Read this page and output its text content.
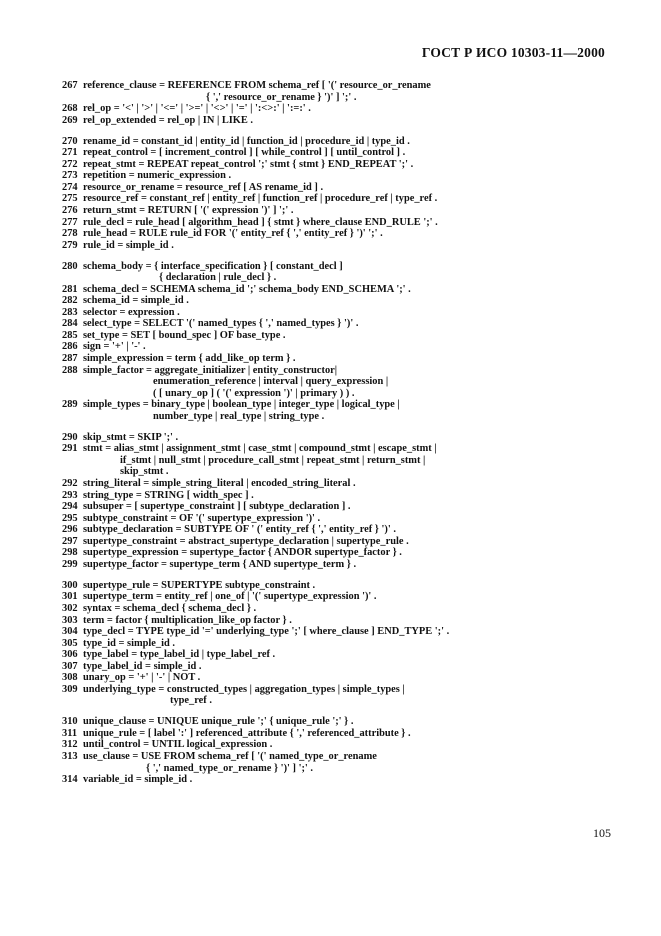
ГОСТ Р ИСО 10303-11—2000
267 reference_clause = REFERENCE FROM schema_ref [ '(' resource_or_rename
{ ',' resource_or_rename } ')' ] ';' .
268 rel_op = '<' | '>' | '<=' | '>=' | '<>' | '=' | ':<>:' | ':=:' .
269 rel_op_extended = rel_op | IN | LIKE .
270 rename_id = constant_id | entity_id | function_id | procedure_id | type_id .
271 repeat_control = [ increment_control ] [ while_control ] [ until_control ] .
272 repeat_stmt = REPEAT repeat_control ';' stmt { stmt } END_REPEAT ';' .
273 repetition = numeric_expression .
274 resource_or_rename = resource_ref [ AS rename_id ] .
275 resource_ref = constant_ref | entity_ref | function_ref | procedure_ref | type_ref .
276 return_stmt = RETURN [ '(' expression ')' ] ';' .
277 rule_decl = rule_head [ algorithm_head ] { stmt } where_clause END_RULE ';' .
278 rule_head = RULE rule_id FOR '(' entity_ref { ',' entity_ref } ')' ';' .
279 rule_id = simple_id .
280 schema_body = { interface_specification } [ constant_decl ]
{ declaration | rule_decl } .
281 schema_decl = SCHEMA schema_id ';' schema_body END_SCHEMA ';' .
282 schema_id = simple_id .
283 selector = expression .
284 select_type = SELECT '(' named_types { ',' named_types } ')' .
285 set_type = SET [ bound_spec ] OF base_type .
286 sign = '+' | '-' .
287 simple_expression = term { add_like_op term } .
288 simple_factor = aggregate_initializer | entity_constructor|
enumeration_reference | interval | query_expression |
( [ unary_op ] ( '(' expression ')' | primary ) ) .
289 simple_types = binary_type | boolean_type | integer_type | logical_type |
number_type | real_type | string_type .
290 skip_stmt = SKIP ';' .
291 stmt = alias_stmt | assignment_stmt | case_stmt | compound_stmt | escape_stmt |
if_stmt | null_stmt | procedure_call_stmt | repeat_stmt | return_stmt |
skip_stmt .
292 string_literal = simple_string_literal | encoded_string_literal .
293 string_type = STRING [ width_spec ] .
294 subsuper = [ supertype_constraint ] [ subtype_declaration ] .
295 subtype_constraint = OF '(' supertype_expression ')' .
296 subtype_declaration = SUBTYPE OF ' (' entity_ref { ',' entity_ref } ')' .
297 supertype_constraint = abstract_supertype_declaration | supertype_rule .
298 supertype_expression = supertype_factor { ANDOR supertype_factor } .
299 supertype_factor = supertype_term { AND supertype_term } .
300 supertype_rule = SUPERTYPE subtype_constraint .
301 supertype_term = entity_ref | one_of | '(' supertype_expression ')' .
302 syntax = schema_decl { schema_decl } .
303 term = factor { multiplication_like_op factor } .
304 type_decl = TYPE type_id '=' underlying_type ';' [ where_clause ] END_TYPE ';' .
305 type_id = simple_id .
306 type_label = type_label_id | type_label_ref .
307 type_label_id = simple_id .
308 unary_op = '+' | '-' | NOT .
309 underlying_type = constructed_types | aggregation_types | simple_types |
type_ref .
310 unique_clause = UNIQUE unique_rule ';' { unique_rule ';' } .
311 unique_rule = [ label ':' ] referenced_attribute { ',' referenced_attribute } .
312 until_control = UNTIL logical_expression .
313 use_clause = USE FROM schema_ref [ '(' named_type_or_rename
{ ',' named_type_or_rename } ')' ] ';' .
314 variable_id = simple_id .
105
